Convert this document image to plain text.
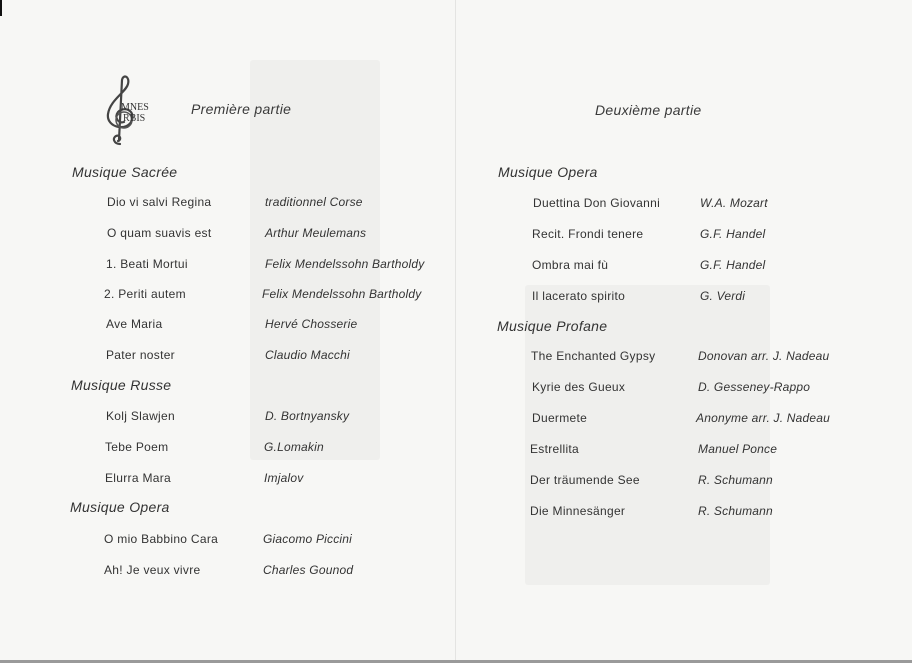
MNES
RBIS
Première partie
Musique Sacrée
Dio vi salvi Regina	traditionnel Corse
O quam suavis est	Arthur Meulemans
1. Beati Mortui	Felix Mendelssohn Bartholdy
2. Periti autem	Felix Mendelssohn Bartholdy
Ave Maria	Hervé Chosserie
Pater noster	Claudio Macchi
Musique Russe
Kolj Slawjen	D. Bortnyansky
Tebe Poem	G.Lomakin
Elurra Mara	Imjalov
Musique Opera
O mio Babbino Cara	Giacomo Piccini
Ah! Je veux vivre	Charles Gounod
Deuxième partie
Musique Opera
Duettina Don Giovanni	W.A. Mozart
Recit. Frondi tenere	G.F. Handel
Ombra mai fù	G.F. Handel
Il lacerato spirito	G. Verdi
Musique Profane
The Enchanted Gypsy	Donovan arr. J. Nadeau
Kyrie des Gueux	D. Gesseney-Rappo
Duermete	Anonyme arr. J. Nadeau
Estrellita	Manuel Ponce
Der träumende See	R. Schumann
Die Minnesänger	R. Schumann
